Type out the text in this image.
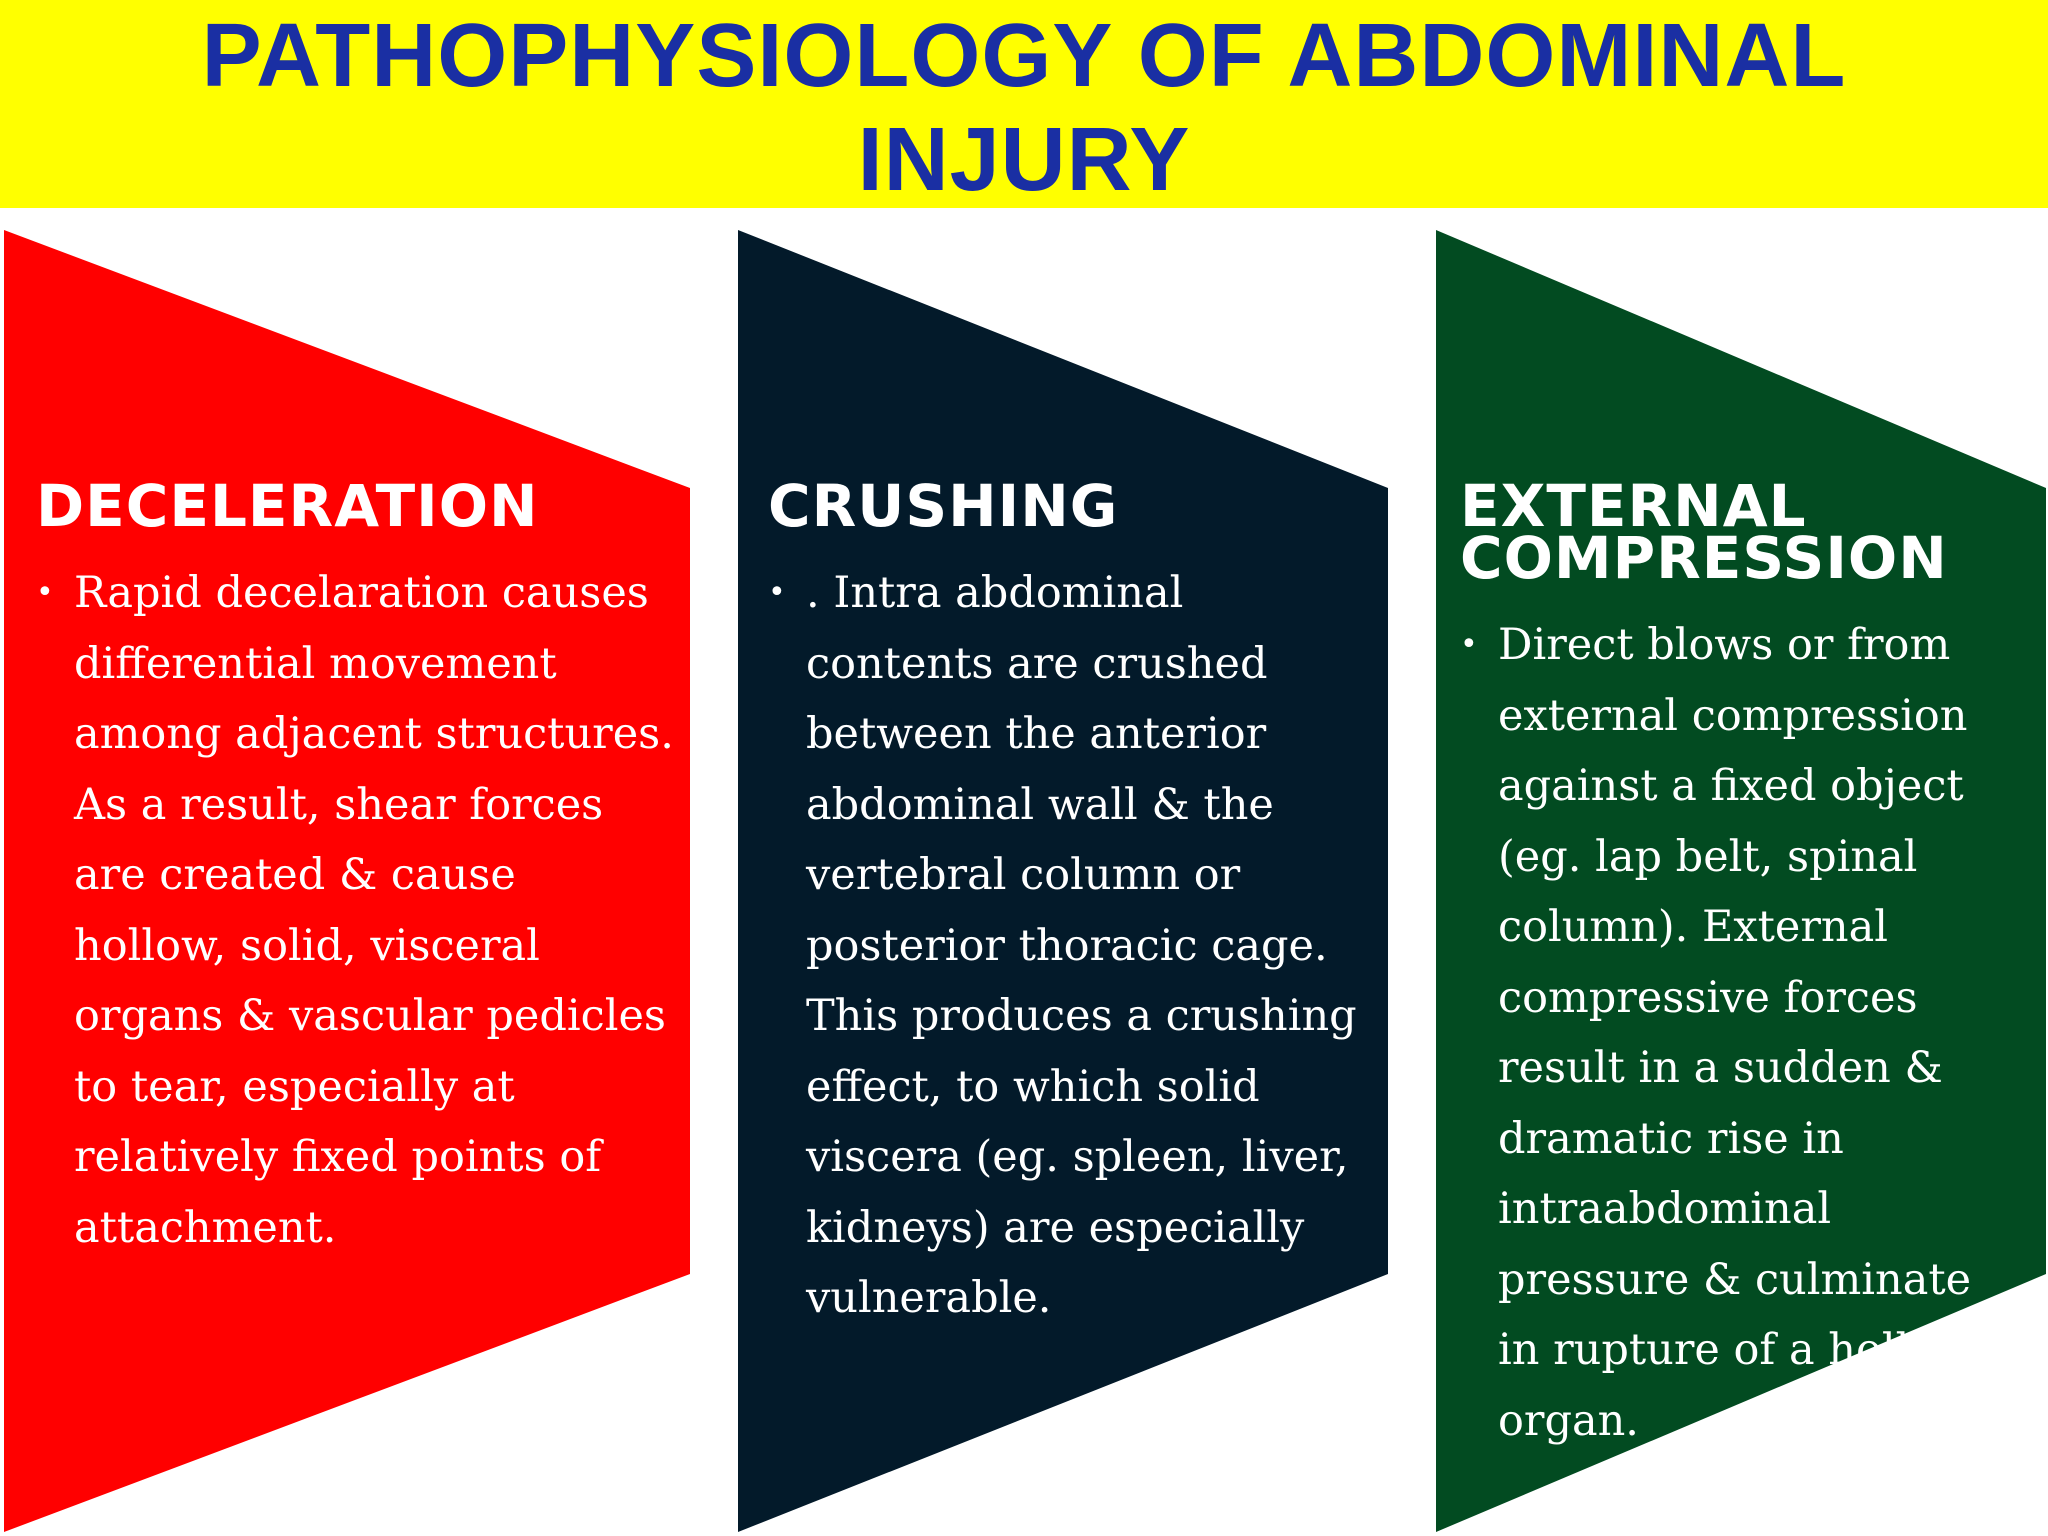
PATHOPHYSIOLOGY OF ABDOMINAL
INJURY
DECELERATION
• Rapid decelaration causes differential movement among adjacent structures. As a result, shear forces are created & cause hollow, solid, visceral organs & vascular pedicles to tear, especially at relatively fixed points of attachment.

CRUSHING
• . Intra abdominal contents are crushed between the anterior abdominal wall & the vertebral column or posterior thoracic cage. This produces a crushing effect, to which solid viscera (eg. spleen, liver, kidneys) are especially vulnerable.

EXTERNAL COMPRESSION
• Direct blows or from external compression against a fixed object (eg. lap belt, spinal column). External compressive forces result in a sudden & dramatic rise in intraabdominal pressure & culminate in rupture of a hollow organ.
